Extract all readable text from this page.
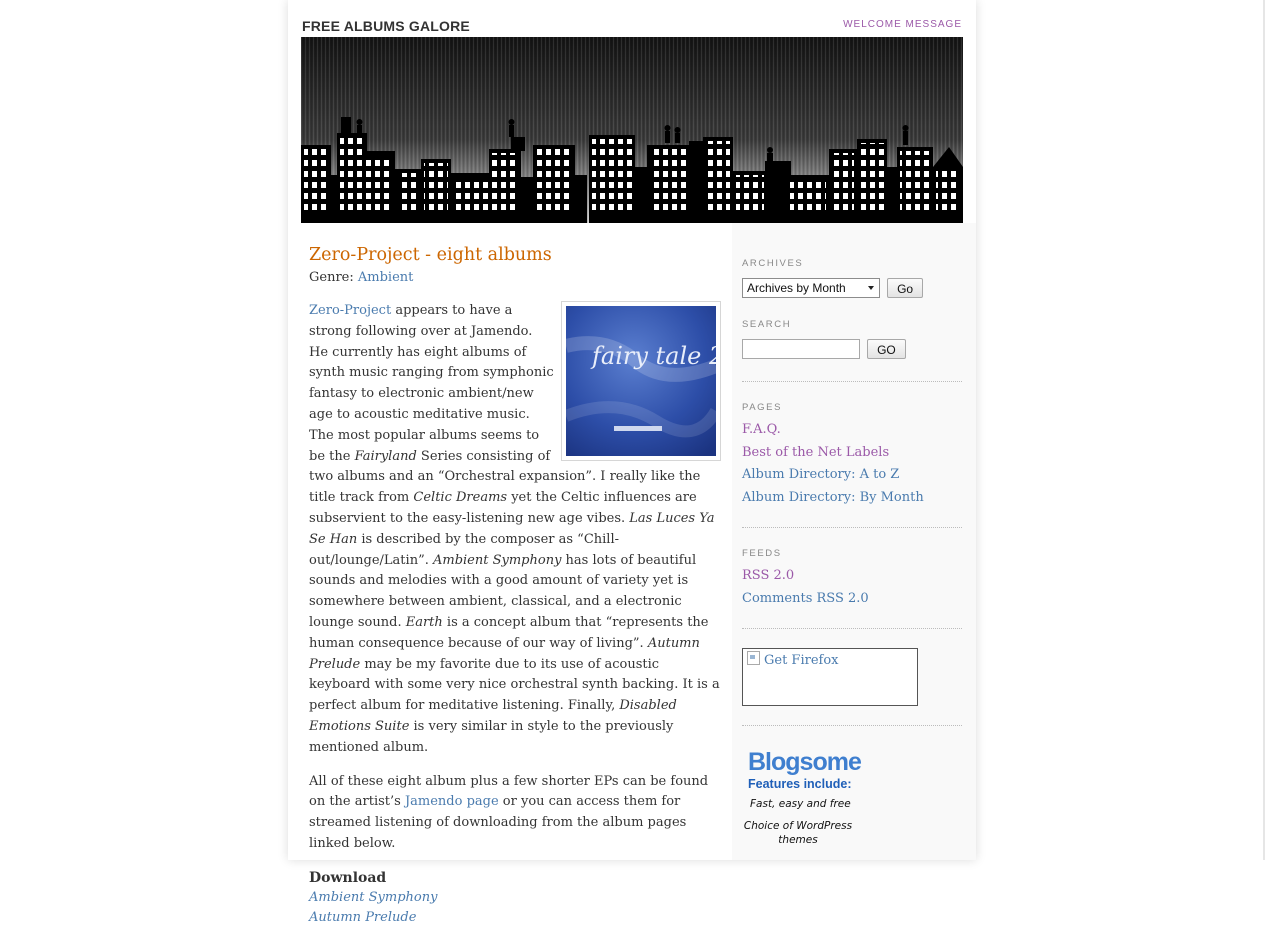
FREE ALBUMS GALORE	WELCOME MESSAGE
Zero-Project - eight albums
Genre: Ambient
fairy tale 2

Zero-Project appears to have a strong following over at Jamendo. He currently has eight albums of synth music ranging from symphonic fantasy to electronic ambient/new age to acoustic meditative music. The most popular albums seems to be the Fairyland Series consisting of two albums and an “Orchestral expansion”. I really like the title track from Celtic Dreams yet the Celtic influences are subservient to the easy-listening new age vibes. Las Luces Ya Se Han is described by the composer as “Chill-out/lounge/Latin”. Ambient Symphony has lots of beautiful sounds and melodies with a good amount of variety yet is somewhere between ambient, classical, and a electronic lounge sound. Earth is a concept album that “represents the human consequence because of our way of living”. Autumn Prelude may be my favorite due to its use of acoustic keyboard with some very nice orchestral synth backing. It is a perfect album for meditative listening. Finally, Disabled Emotions Suite is very similar in style to the previously mentioned album.

All of these eight album plus a few shorter EPs can be found on the artist’s Jamendo page or you can access them for streamed listening of downloading from the album pages linked below.

Download
Ambient Symphony
Autumn Prelude
ARCHIVES
Archives by Month	Go
SEARCH
GO
PAGES
F.A.Q.
Best of the Net Labels
Album Directory: A to Z
Album Directory: By Month
FEEDS
RSS 2.0
Comments RSS 2.0
Get Firefox
Blogsome
Features include:
Fast, easy and free
Choice of WordPress themes
